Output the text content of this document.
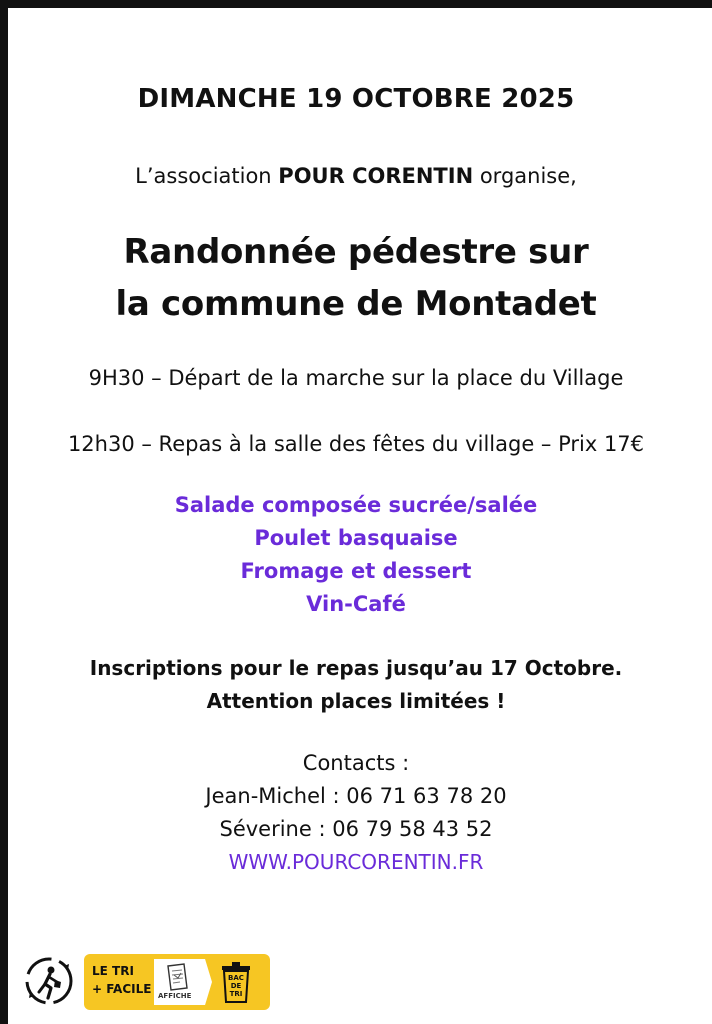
DIMANCHE 19 OCTOBRE 2025
L’association POUR CORENTIN organise,
Randonnée pédestre sur
la commune de Montadet
9H30 – Départ de la marche sur la place du Village
12h30 – Repas à la salle des fêtes du village – Prix 17€
Salade composée sucrée/salée
Poulet basquaise
Fromage et dessert
Vin-Café
Inscriptions pour le repas jusqu’au 17 Octobre.
Attention places limitées !
Contacts :
Jean-Michel : 06 71 63 78 20
Séverine : 06 79 58 43 52
WWW.POURCORENTIN.FR
LE TRI
+ FACILE AFFICHE
BAC
DE
TRI
